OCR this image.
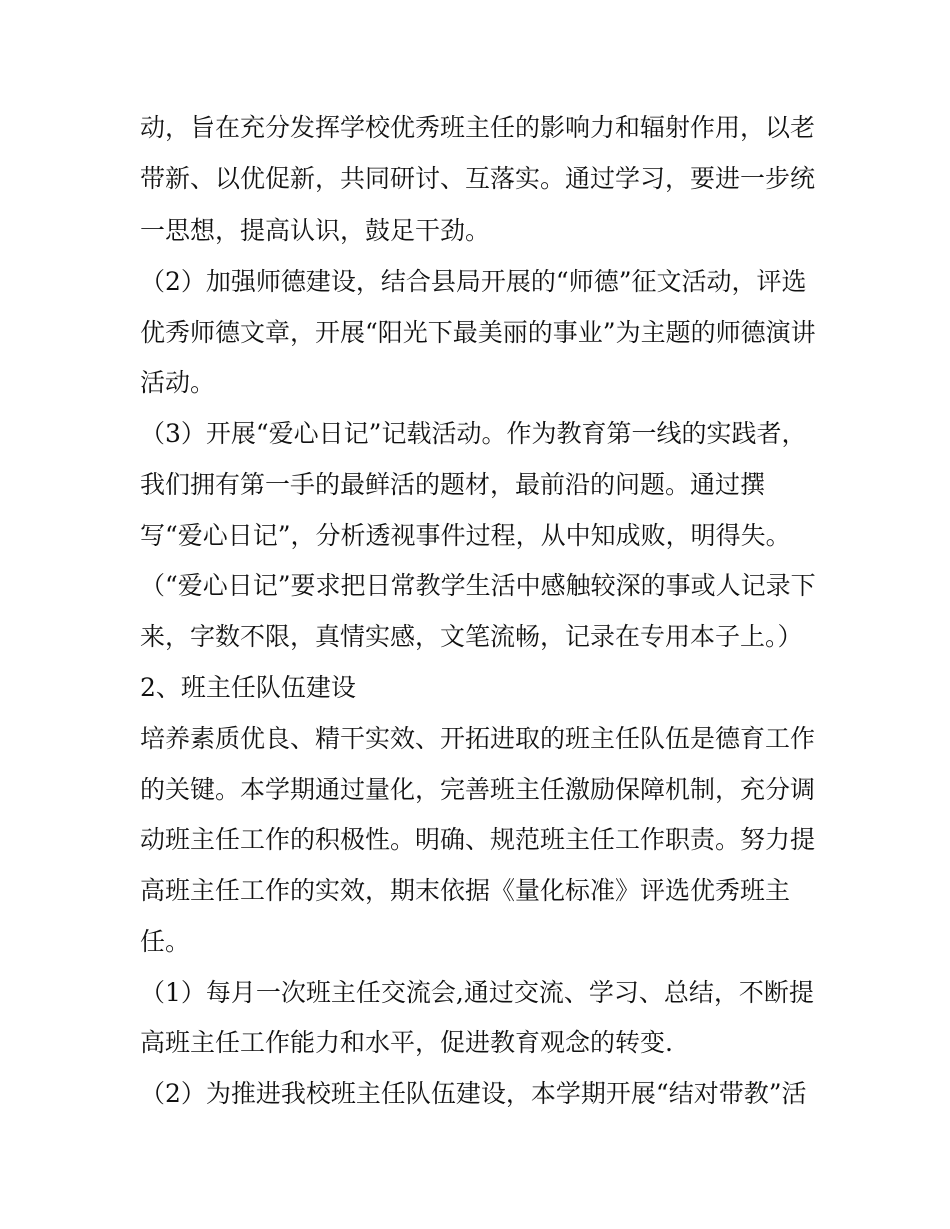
动，旨在充分发挥学校优秀班主任的影响力和辐射作用，以老
带新、以优促新，共同研讨、互落实。通过学习，要进一步统
一思想，提高认识，鼓足干劲。
（2）加强师德建设，结合县局开展的“师德”征文活动，评选
优秀师德文章，开展“阳光下最美丽的事业”为主题的师德演讲
活动。
（3）开展“爱心日记”记载活动。作为教育第一线的实践者，
我们拥有第一手的最鲜活的题材，最前沿的问题。通过撰
写“爱心日记”，分析透视事件过程，从中知成败，明得失。
（“爱心日记”要求把日常教学生活中感触较深的事或人记录下
来，字数不限，真情实感，文笔流畅，记录在专用本子上。）
2、班主任队伍建设
培养素质优良、精干实效、开拓进取的班主任队伍是德育工作
的关键。本学期通过量化，完善班主任激励保障机制，充分调
动班主任工作的积极性。明确、规范班主任工作职责。努力提
高班主任工作的实效，期末依据《量化标准》评选优秀班主
任。
（1）每月一次班主任交流会,通过交流、学习、总结，不断提
高班主任工作能力和水平，促进教育观念的转变.
（2）为推进我校班主任队伍建设，本学期开展“结对带教”活
